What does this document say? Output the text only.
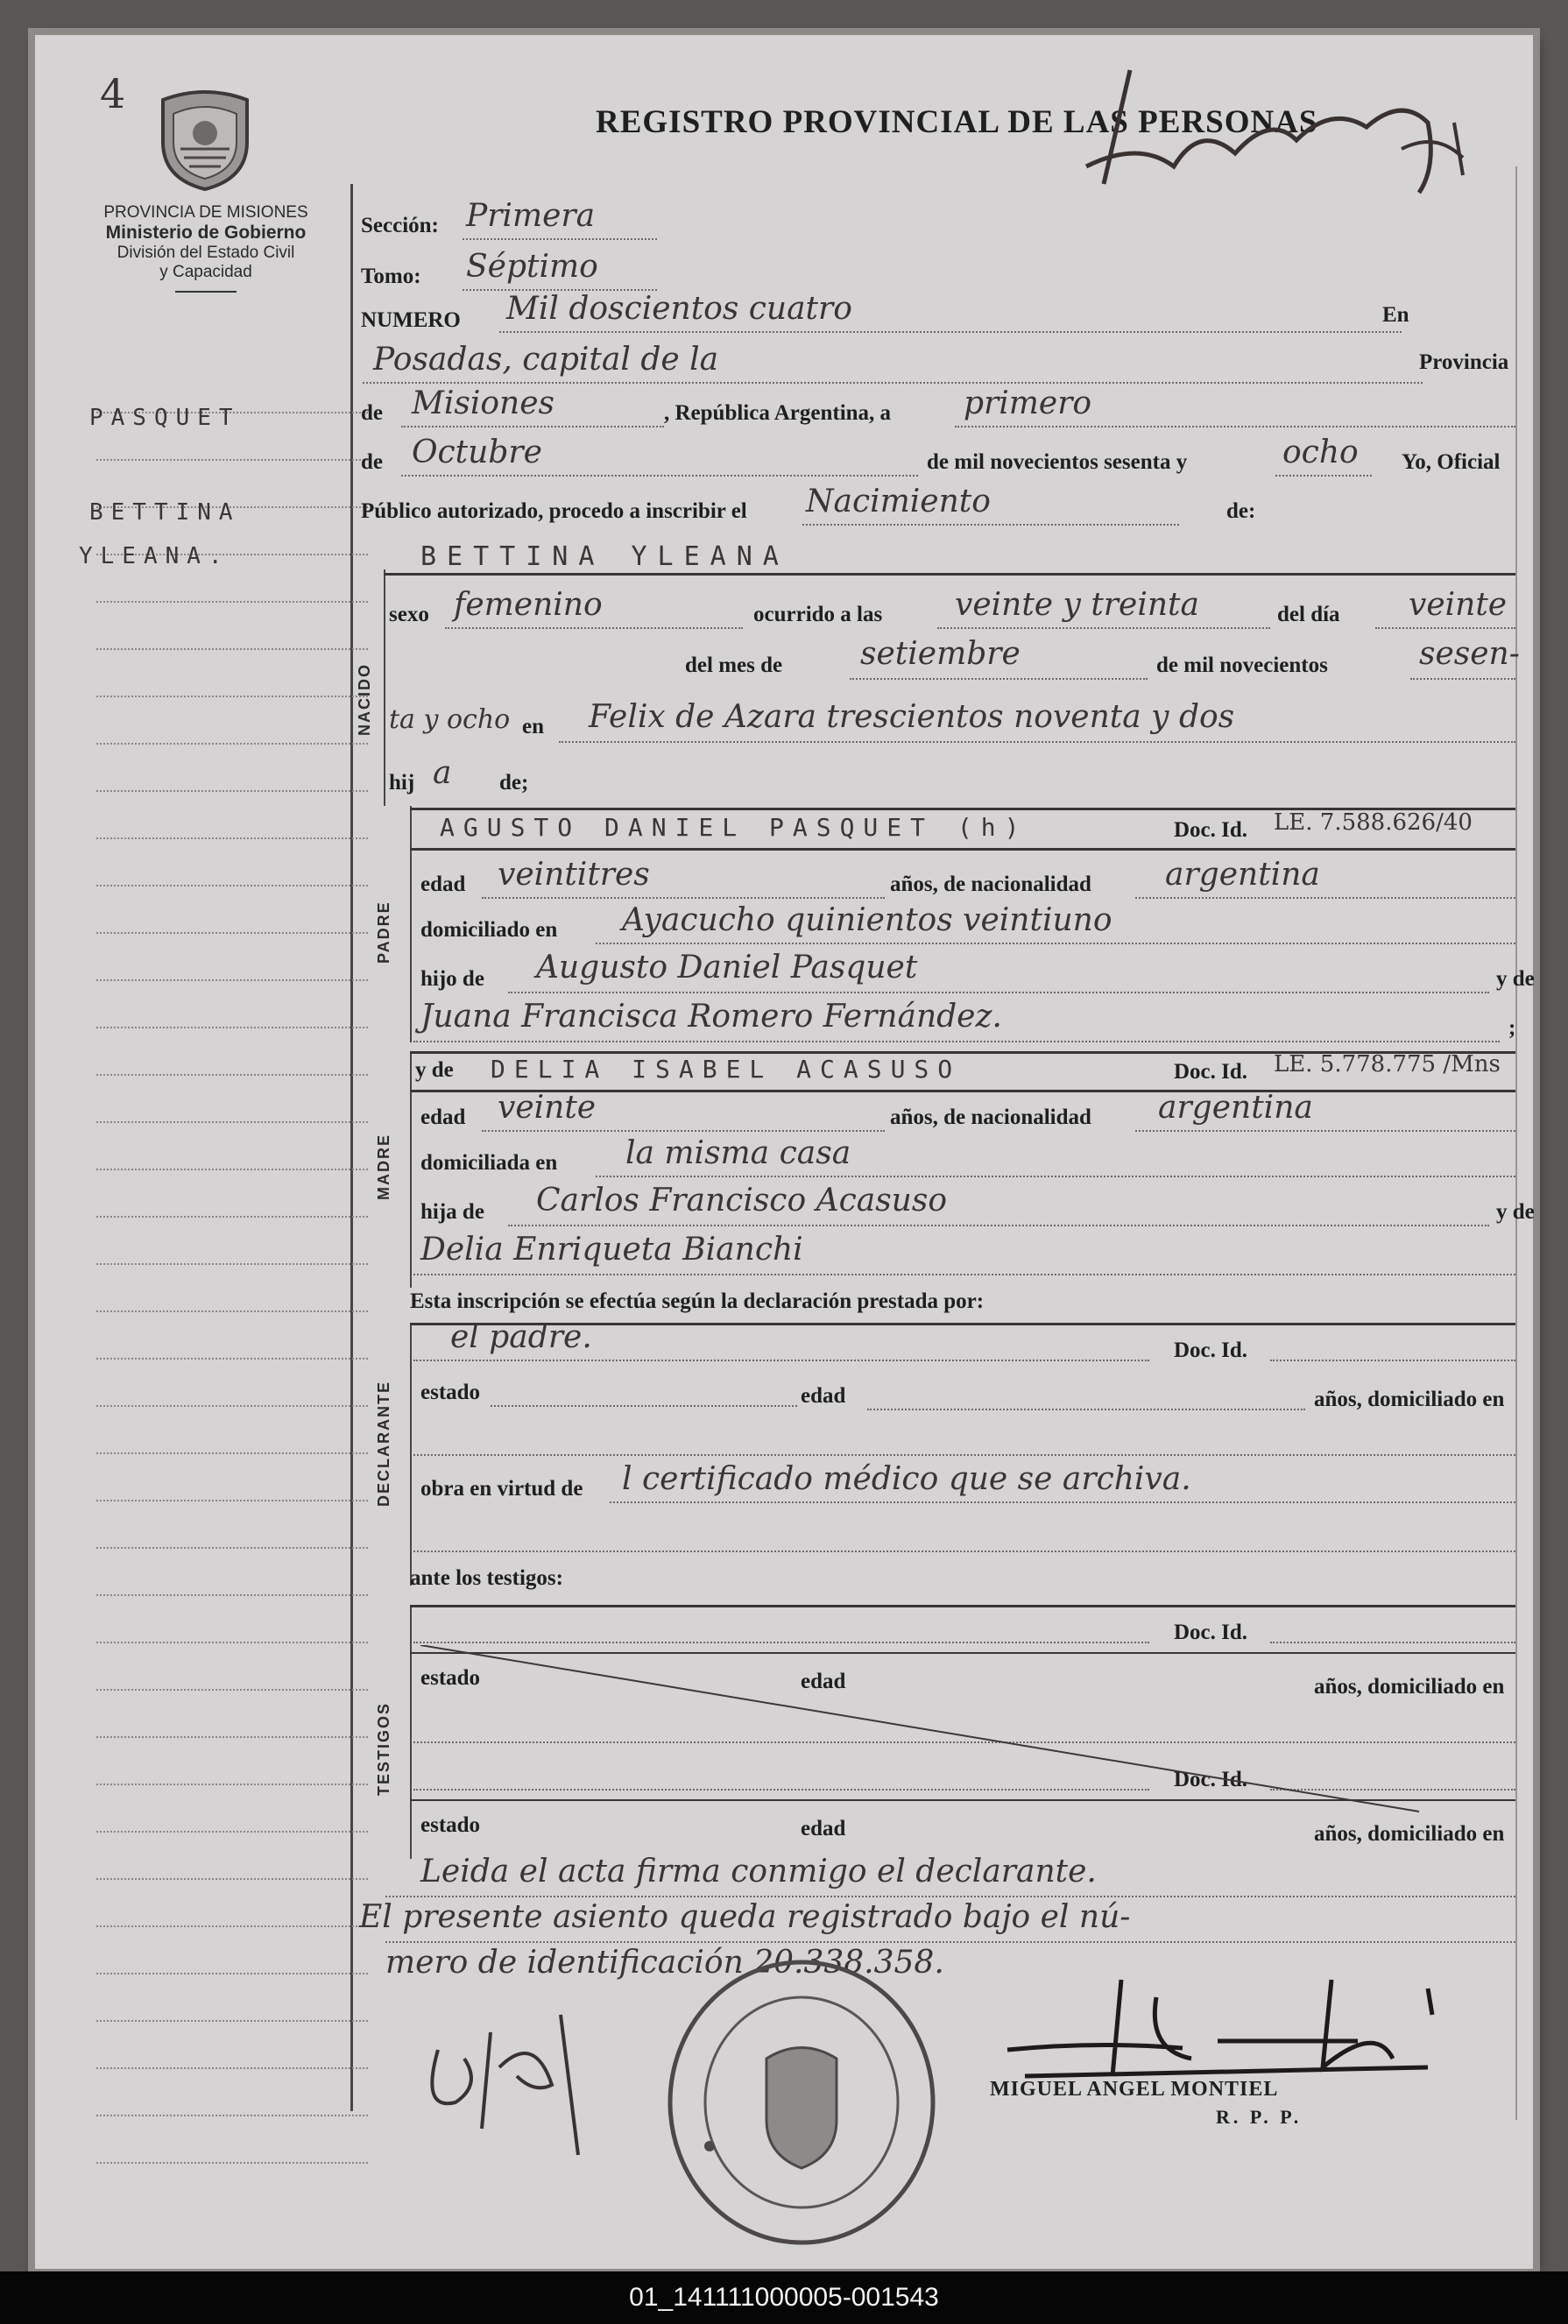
4
PROVINCIA DE MISIONES
Ministerio de Gobierno
División del Estado Civil
y Capacidad
REGISTRO PROVINCIAL DE LAS PERSONAS
PASQUET
BETTINA
YLEANA.
Sección: Primera
Tomo: Séptimo
NUMERO Mil doscientos cuatro	En
Posadas, capital de la	Provincia
de Misiones	, República Argentina, a primero
de Octubre	de mil novecientos sesenta y	ocho Yo, Oficial
Público autorizado, procedo a inscribir el Nacimiento	de:
NACIDO
BETTINA YLEANA
sexo femenino	ocurrido a las veinte y treinta	del día veinte
del mes de setiembre	de mil novecientos	sesen-
ta y ocho en Felix de Azara trescientos noventa y dos
hij a de;
PADRE
AGUSTO DANIEL PASQUET (h)	Doc. Id. LE. 7.588.626/40
edad veintitres	años, de nacionalidad argentina
domiciliado en Ayacucho quinientos veintiuno
hijo de Augusto Daniel Pasquet	y de
Juana Francisca Romero Fernández.	;
MADRE
y de DELIA ISABEL ACASUSO	Doc. Id. LE. 5.778.775 /Mns
edad veinte	años, de nacionalidad argentina
domiciliada en la misma casa
hija de Carlos Francisco Acasuso	y de
Delia Enriqueta Bianchi
Esta inscripción se efectúa según la declaración prestada por:
DECLARANTE
el padre.	Doc. Id.
estado	edad	años, domiciliado en
obra en virtud de l certificado médico que se archiva.
ante los testigos:
TESTIGOS
Doc. Id.
estado	edad	años, domiciliado en
Doc. Id.
estado	edad	años, domiciliado en
Leida el acta firma conmigo el declarante.
El presente asiento queda registrado bajo el nú-
mero de identificación 20.338.358.
MIGUEL ANGEL MONTIEL
R. P. P.
01_141111000005-001543
